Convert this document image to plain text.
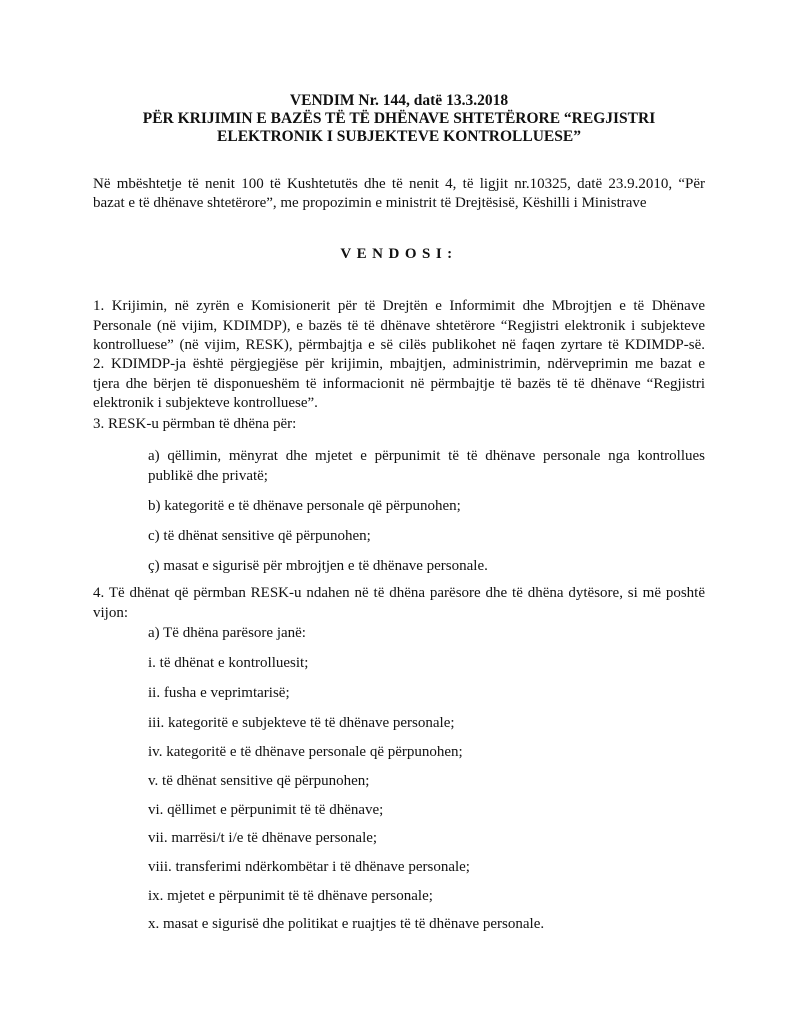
VENDIM Nr. 144, datë 13.3.2018
PËR KRIJIMIN E BAZËS TË TË DHËNAVE SHTETËRORE “REGJISTRI
ELEKTRONIK I SUBJEKTEVE KONTROLLUESE”
Në mbështetje të nenit 100 të Kushtetutës dhe të nenit 4, të ligjit nr.10325, datë 23.9.2010, “Për
bazat e të dhënave shtetërore”, me propozimin e ministrit të Drejtësisë, Këshilli i Ministrave
VENDOSI:
1. Krijimin, në zyrën e Komisionerit për të Drejtën e Informimit dhe Mbrojtjen e të Dhënave
Personale (në vijim, KDIMDP), e bazës të të dhënave shtetërore “Regjistri elektronik i subjekteve
kontrolluese” (në vijim, RESK), përmbajtja e së cilës publikohet në faqen zyrtare të KDIMDP-së.
2. KDIMDP-ja është përgjegjëse për krijimin, mbajtjen, administrimin, ndërveprimin me bazat e
tjera dhe bërjen të disponueshëm të informacionit në përmbajtje të bazës të të dhënave “Regjistri
elektronik i subjekteve kontrolluese”.
3. RESK-u përmban të dhëna për:
a) qëllimin, mënyrat dhe mjetet e përpunimit të të dhënave personale nga kontrollues
publikë dhe privatë;
b) kategoritë e të dhënave personale që përpunohen;
c) të dhënat sensitive që përpunohen;
ç) masat e sigurisë për mbrojtjen e të dhënave personale.
4. Të dhënat që përmban RESK-u ndahen në të dhëna parësore dhe të dhëna dytësore, si më poshtë
vijon:
a) Të dhëna parësore janë:
i. të dhënat e kontrolluesit;
ii. fusha e veprimtarisë;
iii. kategoritë e subjekteve të të dhënave personale;
iv. kategoritë e të dhënave personale që përpunohen;
v. të dhënat sensitive që përpunohen;
vi. qëllimet e përpunimit të të dhënave;
vii. marrësi/t i/e të dhënave personale;
viii. transferimi ndërkombëtar i të dhënave personale;
ix. mjetet e përpunimit të të dhënave personale;
x. masat e sigurisë dhe politikat e ruajtjes të të dhënave personale.
